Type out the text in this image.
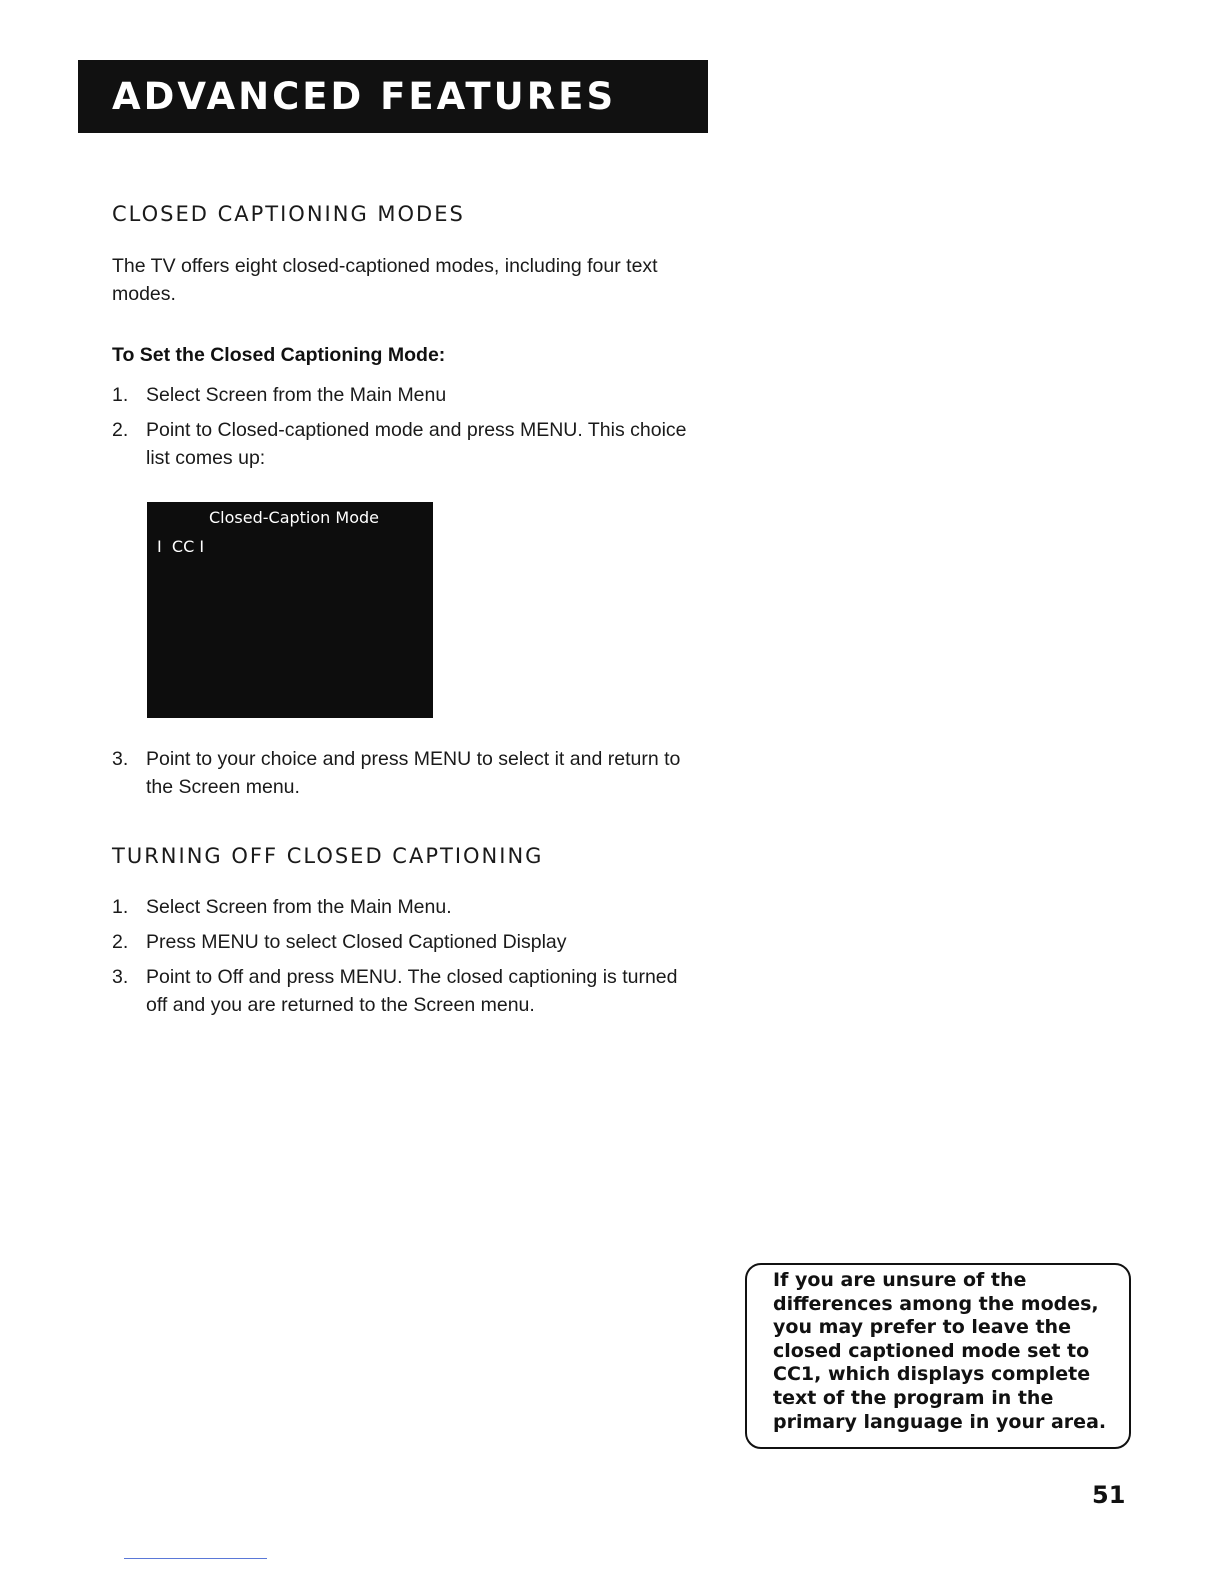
ADVANCED FEATURES
CLOSED CAPTIONING MODES
The TV offers eight closed-captioned modes, including four text modes.
To Set the Closed Captioning Mode:
1. Select Screen from the Main Menu
2. Point to Closed-captioned mode and press MENU. This choice list comes up:
Closed-Caption Mode
I  CC I
3. Point to your choice and press MENU to select it and return to the Screen menu.
TURNING OFF CLOSED CAPTIONING
1. Select Screen from the Main Menu.
2. Press MENU to select Closed Captioned Display
3. Point to Off and press MENU. The closed captioning is turned off and you are returned to the Screen menu.
If you are unsure of the differences among the modes, you may prefer to leave the closed captioned mode set to CC1, which displays complete text of the program in the primary language in your area.
51
